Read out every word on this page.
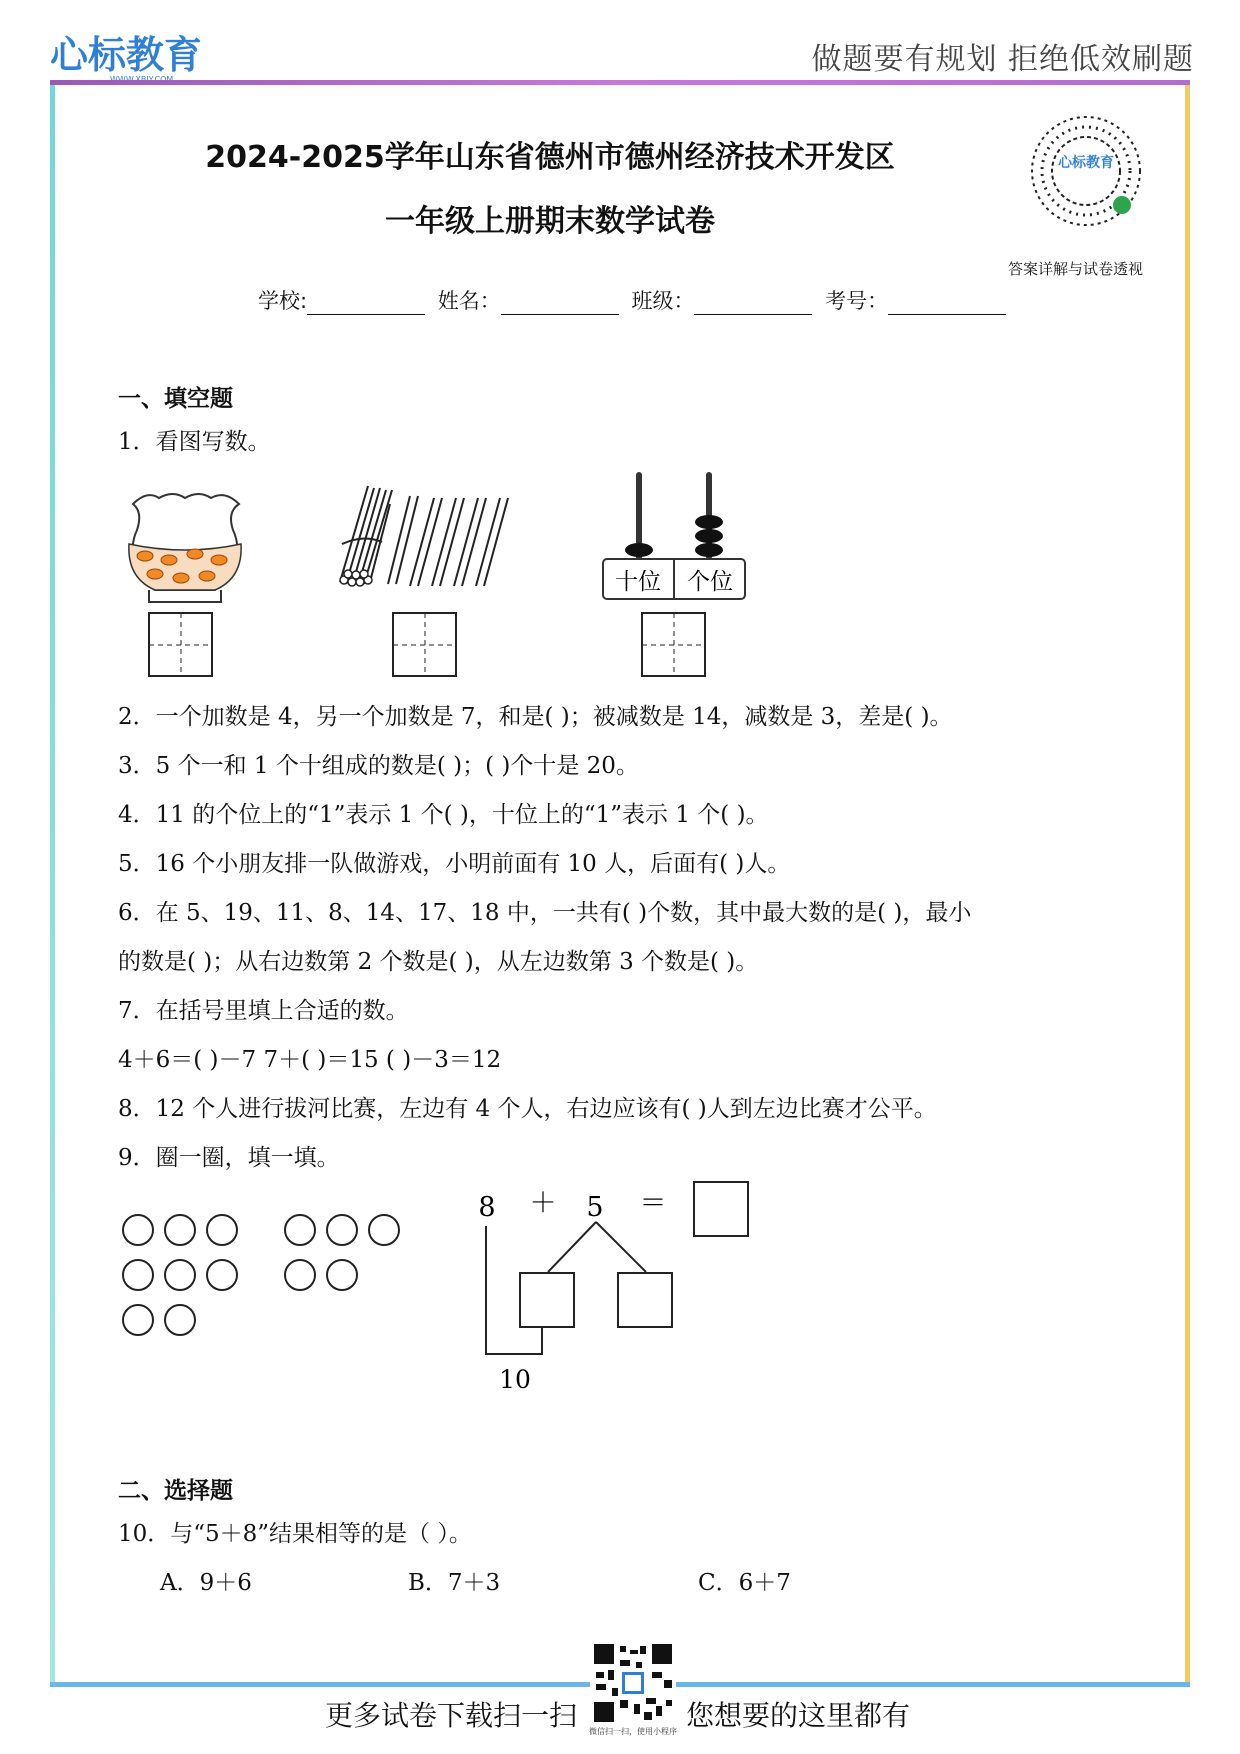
心标教育	做题要有规划 拒绝低效刷题
2024-2025学年山东省德州市德州经济技术开发区
一年级上册期末数学试卷
心标教育
答案详解与试卷透视
学校:	姓名：	班级：	考号：
一、填空题
1．看图写数。
十位 个位
2．一个加数是 4，另一个加数是 7，和是( )；被减数是 14，减数是 3，差是( )。
3．5 个一和 1 个十组成的数是( )；( )个十是 20。
4．11 的个位上的“1”表示 1 个( )，十位上的“1”表示 1 个( )。
5．16 个小朋友排一队做游戏，小明前面有 10 人，后面有( )人。
6．在 5、19、11、8、14、17、18 中，一共有( )个数，其中最大数的是( )，最小
的数是( )；从右边数第 2 个数是( )，从左边数第 3 个数是( )。
7．在括号里填上合适的数。
4＋6＝( )－7 7＋( )＝15 ( )－3＝12
8．12 个人进行拔河比赛，左边有 4 个人，右边应该有( )人到左边比赛才公平。
9．圈一圈，填一填。
8 ＋ 5 ＝
10
二、选择题
10．与“5＋8”结果相等的是（ ）。
A．9＋6	B．7＋3	C．6＋7
微信扫一扫，使用小程序
更多试卷下载扫一扫	您想要的这里都有
